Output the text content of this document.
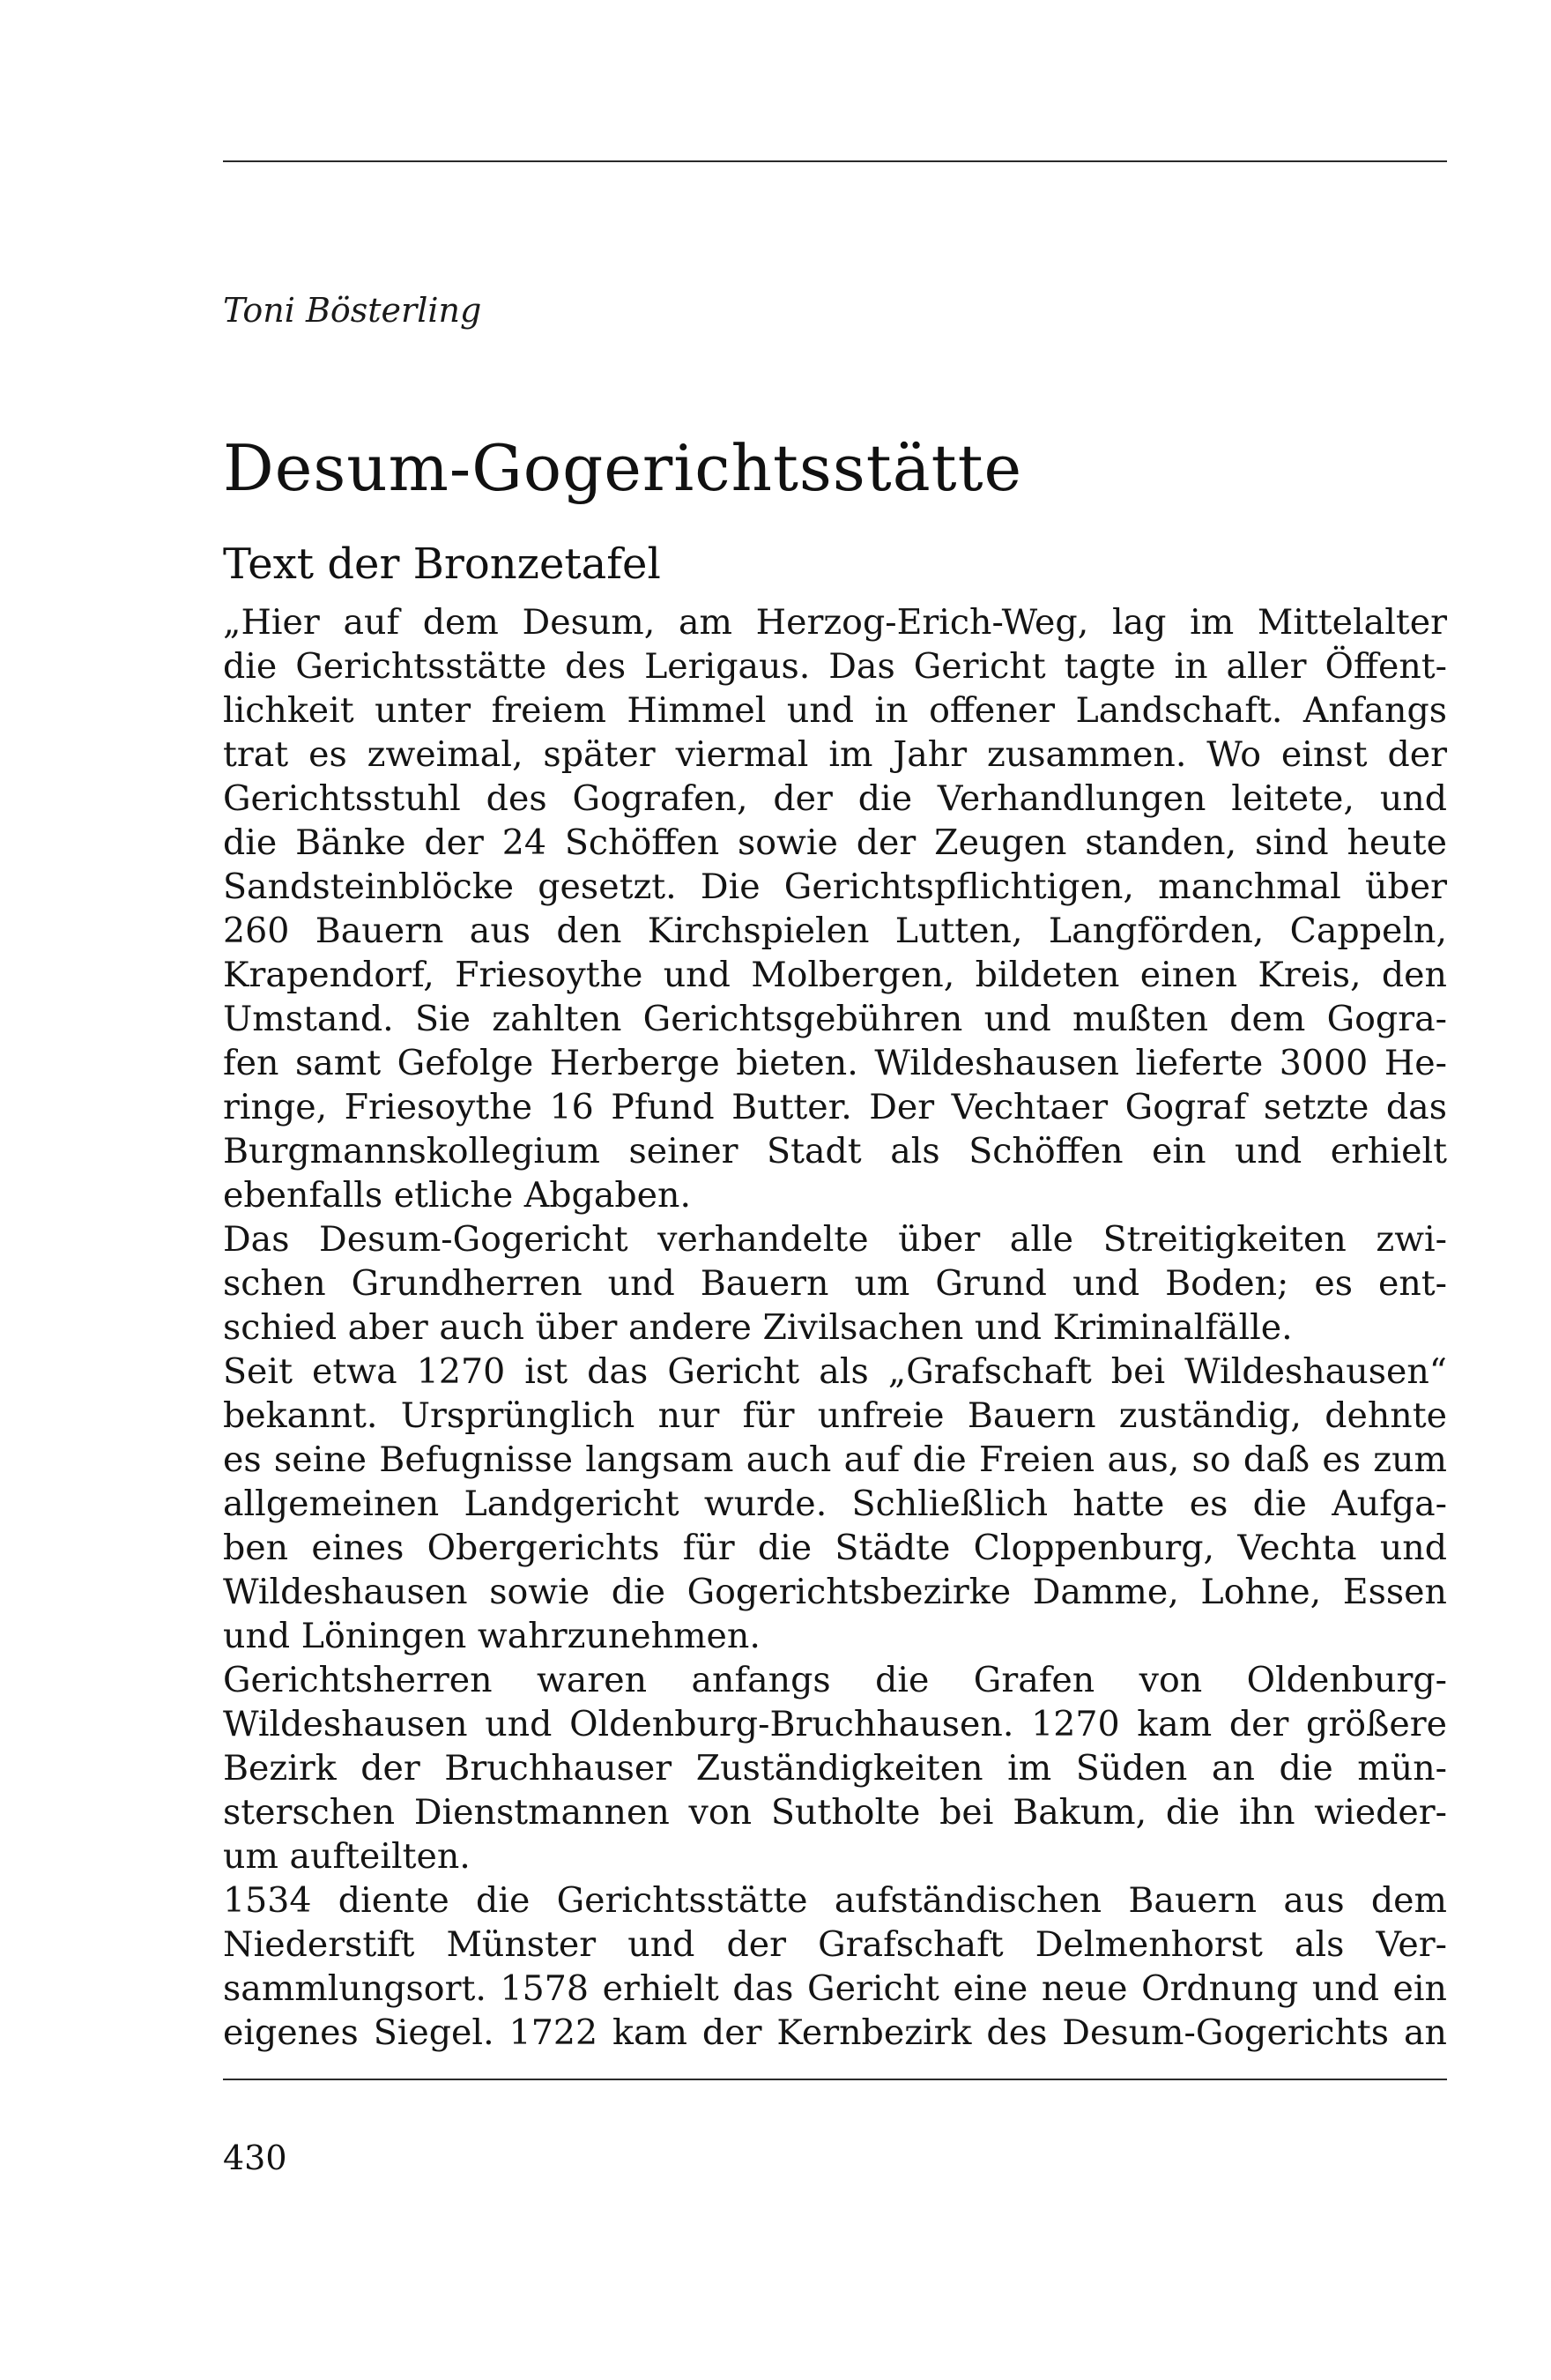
Toni Bösterling
Desum-Gogerichtsstätte
Text der Bronzetafel
„Hier auf dem Desum, am Herzog-Erich-Weg, lag im Mittelalter
die Gerichtsstätte des Lerigaus. Das Gericht tagte in aller Öffent-
lichkeit unter freiem Himmel und in offener Landschaft. Anfangs
trat es zweimal, später viermal im Jahr zusammen. Wo einst der
Gerichtsstuhl des Gografen, der die Verhandlungen leitete, und
die Bänke der 24 Schöffen sowie der Zeugen standen, sind heute
Sandsteinblöcke gesetzt. Die Gerichtspflichtigen, manchmal über
260 Bauern aus den Kirchspielen Lutten, Langförden, Cappeln,
Krapendorf, Friesoythe und Molbergen, bildeten einen Kreis, den
Umstand. Sie zahlten Gerichtsgebühren und mußten dem Gogra-
fen samt Gefolge Herberge bieten. Wildeshausen lieferte 3000 He-
ringe, Friesoythe 16 Pfund Butter. Der Vechtaer Gograf setzte das
Burgmannskollegium seiner Stadt als Schöffen ein und erhielt
ebenfalls etliche Abgaben.
Das Desum-Gogericht verhandelte über alle Streitigkeiten zwi-
schen Grundherren und Bauern um Grund und Boden; es ent-
schied aber auch über andere Zivilsachen und Kriminalfälle.
Seit etwa 1270 ist das Gericht als „Grafschaft bei Wildeshausen“
bekannt. Ursprünglich nur für unfreie Bauern zuständig, dehnte
es seine Befugnisse langsam auch auf die Freien aus, so daß es zum
allgemeinen Landgericht wurde. Schließlich hatte es die Aufga-
ben eines Obergerichts für die Städte Cloppenburg, Vechta und
Wildeshausen sowie die Gogerichtsbezirke Damme, Lohne, Essen
und Löningen wahrzunehmen.
Gerichtsherren waren anfangs die Grafen von Oldenburg-
Wildeshausen und Oldenburg-Bruchhausen. 1270 kam der größere
Bezirk der Bruchhauser Zuständigkeiten im Süden an die mün-
sterschen Dienstmannen von Sutholte bei Bakum, die ihn wieder-
um aufteilten.
1534 diente die Gerichtsstätte aufständischen Bauern aus dem
Niederstift Münster und der Grafschaft Delmenhorst als Ver-
sammlungsort. 1578 erhielt das Gericht eine neue Ordnung und ein
eigenes Siegel. 1722 kam der Kernbezirk des Desum-Gogerichts an
430
